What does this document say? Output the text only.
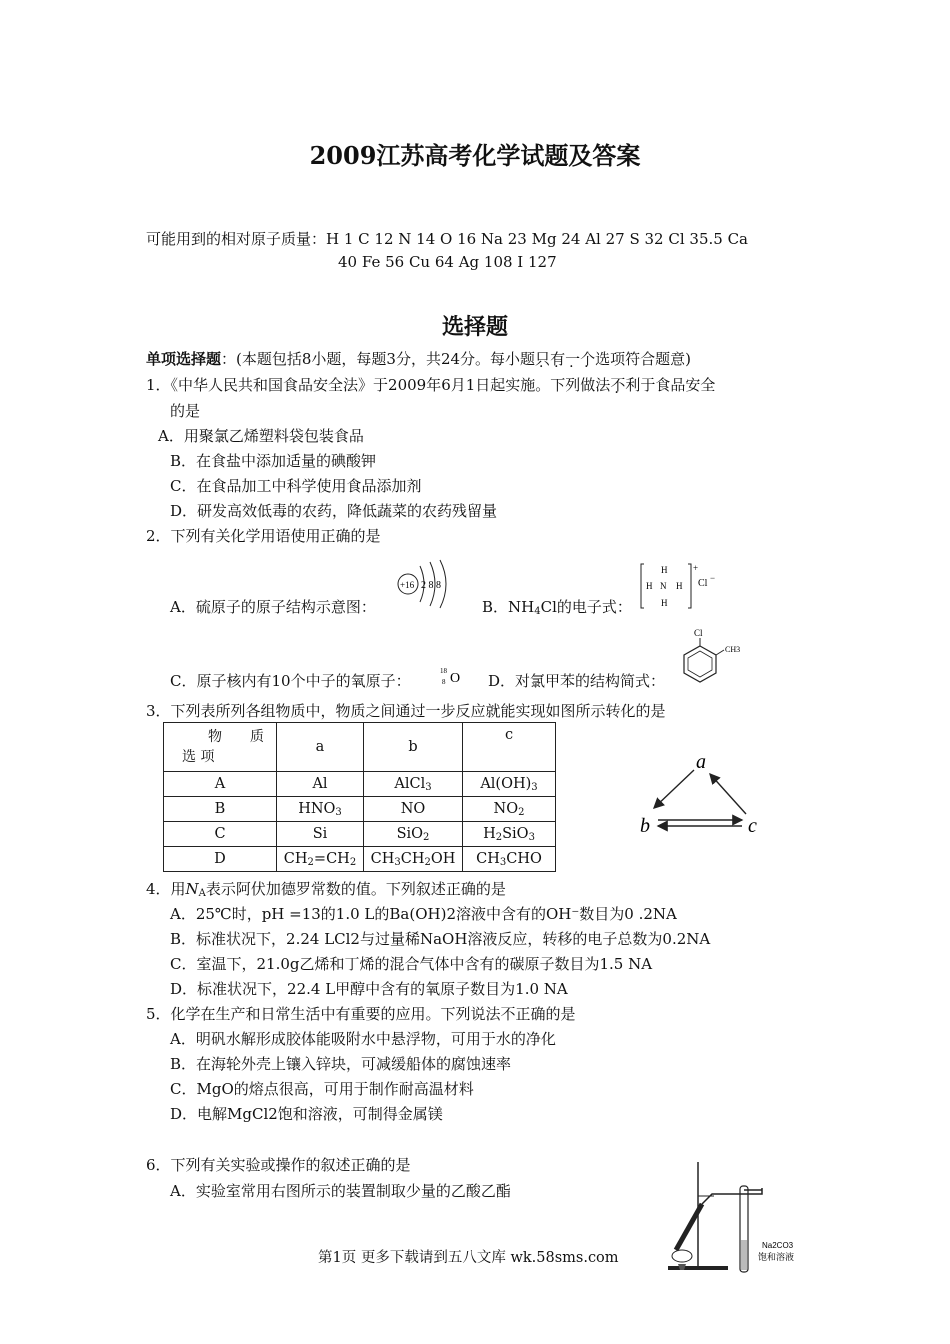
2009江苏高考化学试题及答案
可能用到的相对原子质量：H 1 C 12 N 14 O 16 Na 23 Mg 24 Al 27 S 32 Cl 35.5 Ca
40 Fe 56 Cu 64 Ag 108 I 127
选择题
单项选择题：(本题包括8小题，每题3分，共24分。每小题只有一个选项符合题意)
1．《中华人民共和国食品安全法》于2009年6月1日起实施。下列做法不利于食品安全
的是
A．用聚氯乙烯塑料袋包装食品
B．在食盐中添加适量的碘酸钾
C．在食品加工中科学使用食品添加剂
D．研发高效低毒的农药，降低蔬菜的农药残留量
2．下列有关化学用语使用正确的是
A．硫原子的原子结构示意图：
+16 2 8 8
B．$NH_4Cl$的电子式：
H
H N H
H
+
Cl −
C．原子核内有10个中子的氧原子：
18
8 O D．对氯甲苯的结构简式：
Cl
CH3
3．下列表所列各组物质中，物质之间通过一步反应就能实现如图所示转化的是
物　　质
选 项	a	b	c
A	Al	AlCl$_3$	$Al(OH)_3$
B	$HNO_3$	NO	$NO_2$
C	Si	SiO$_2$	$H_2SiO_3$
D	$CH_2=CH_2$	$CH_3CH_2OH$	$CH_3CHO$
a
b	c
4．用$N_A$表示阿伏加德罗常数的值。下列叙述正确的是
A．25℃时，pH =13的1.0 L的Ba(OH)2溶液中含有的OH⁻数目为0 .2NA
B．标准状况下，2.24 LCl2与过量稀NaOH溶液反应，转移的电子总数为0.2NA
C．室温下，21.0g乙烯和丁烯的混合气体中含有的碳原子数目为1.5 NA
D．标准状况下，22.4 L甲醇中含有的氧原子数目为1.0 NA
5．化学在生产和日常生活中有重要的应用。下列说法不正确的是
A．明矾水解形成胶体能吸附水中悬浮物，可用于水的净化
B．在海轮外壳上镶入锌块，可减缓船体的腐蚀速率
C．MgO的熔点很高，可用于制作耐高温材料
D．电解MgCl2饱和溶液，可制得金属镁
6．下列有关实验或操作的叙述正确的是
A．实验室常用右图所示的装置制取少量的乙酸乙酯
Na2CO3
饱和溶液
第1页 更多下载请到五八文库 wk.58sms.com
